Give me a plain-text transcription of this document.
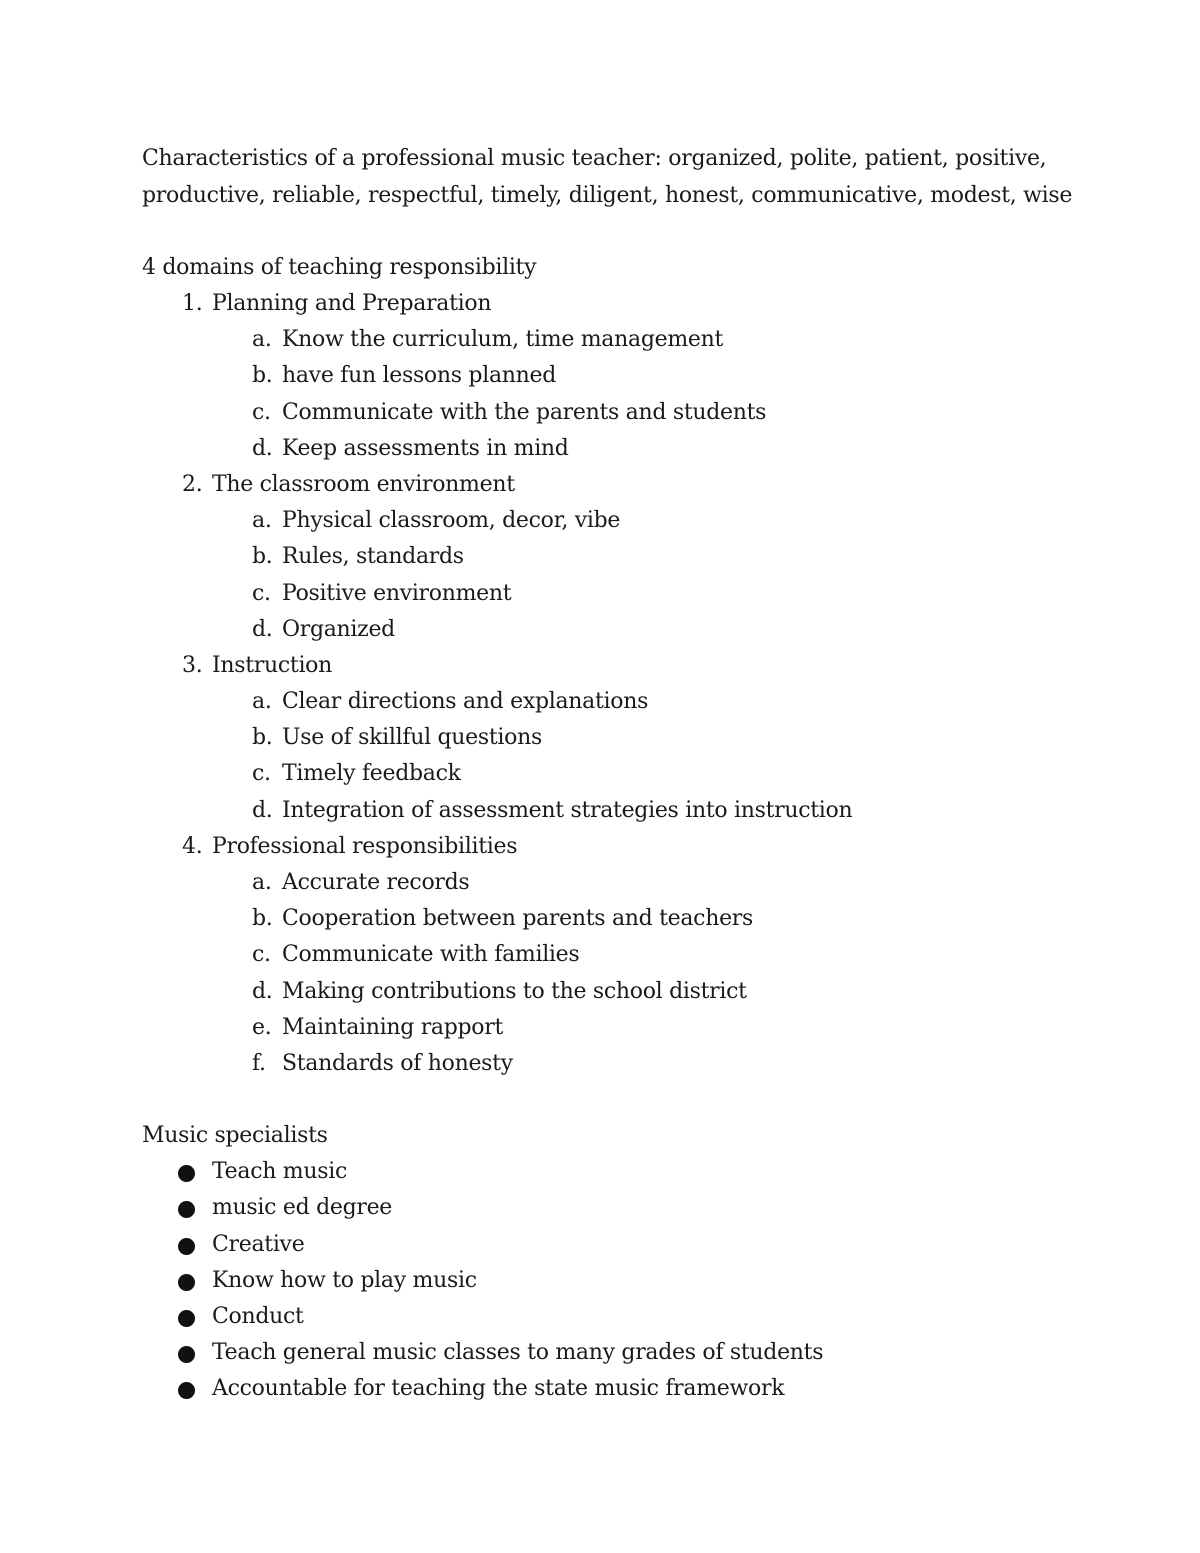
Characteristics of a professional music teacher: organized, polite, patient, positive,
productive, reliable, respectful, timely, diligent, honest, communicative, modest, wise

4 domains of teaching responsibility

1. Planning and Preparation
a. Know the curriculum, time management
b. have fun lessons planned
c. Communicate with the parents and students
d. Keep assessments in mind
2. The classroom environment
a. Physical classroom, decor, vibe
b. Rules, standards
c. Positive environment
d. Organized
3. Instruction
a. Clear directions and explanations
b. Use of skillful questions
c. Timely feedback
d. Integration of assessment strategies into instruction
4. Professional responsibilities
a. Accurate records
b. Cooperation between parents and teachers
c. Communicate with families
d. Making contributions to the school district
e. Maintaining rapport
f. Standards of honesty

Music specialists

Teach music
music ed degree
Creative
Know how to play music
Conduct
Teach general music classes to many grades of students
Accountable for teaching the state music framework
